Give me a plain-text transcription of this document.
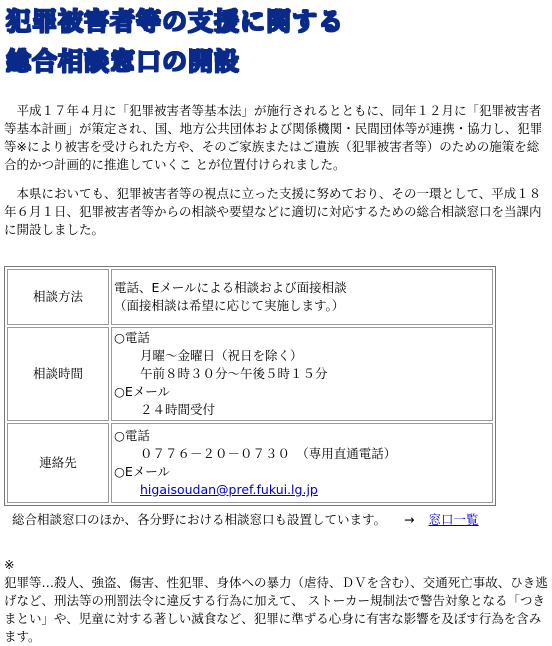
犯罪被害者等の支援に関する
総合相談窓口の開設

　平成１７年４月に「犯罪被害者等基本法」が施行されるとともに、同年１２月に「犯罪被害者等基本計画」が策定され、国、地方公共団体および関係機関・民間団体等が連携・協力し、犯罪等※により被害を受けられた方や、そのご家族またはご遺族（犯罪被害者等）のための施策を総合的かつ計画的に推進していくこ とが位置付けられました。

　本県においても、犯罪被害者等の視点に立った支援に努めており、その一環として、平成１８年６月１日、犯罪被害者等からの相談や要望などに適切に対応するための総合相談窓口を当課内に開設しました。

相談方法	電話、Eメールによる相談および面接相談
（面接相談は希望に応じて実施します。）

相談時間	○電話
月曜～金曜日（祝日を除く）
午前８時３０分～午後５時１５分
○Eメール
２４時間受付

連絡先	○電話
０７７６－２０－０７３０　（専用直通電話）
○Eメール
higaisoudan@pref.fukui.lg.jp
総合相談窓口のほか、各分野における相談窓口も設置しています。 → 窓口一覧
※
犯罪等…殺人、強盗、傷害、性犯罪、身体への暴力（虐待、ＤＶを含む）、交通死亡事故、ひき逃げなど、刑法等の刑罰法令に違反する行為に加えて、 ストーカー規制法で警告対象となる「つきまとい」や、児童に対する著しい滅食など、犯罪に準ずる心身に有害な影響を及ぼす行為を含みます。
